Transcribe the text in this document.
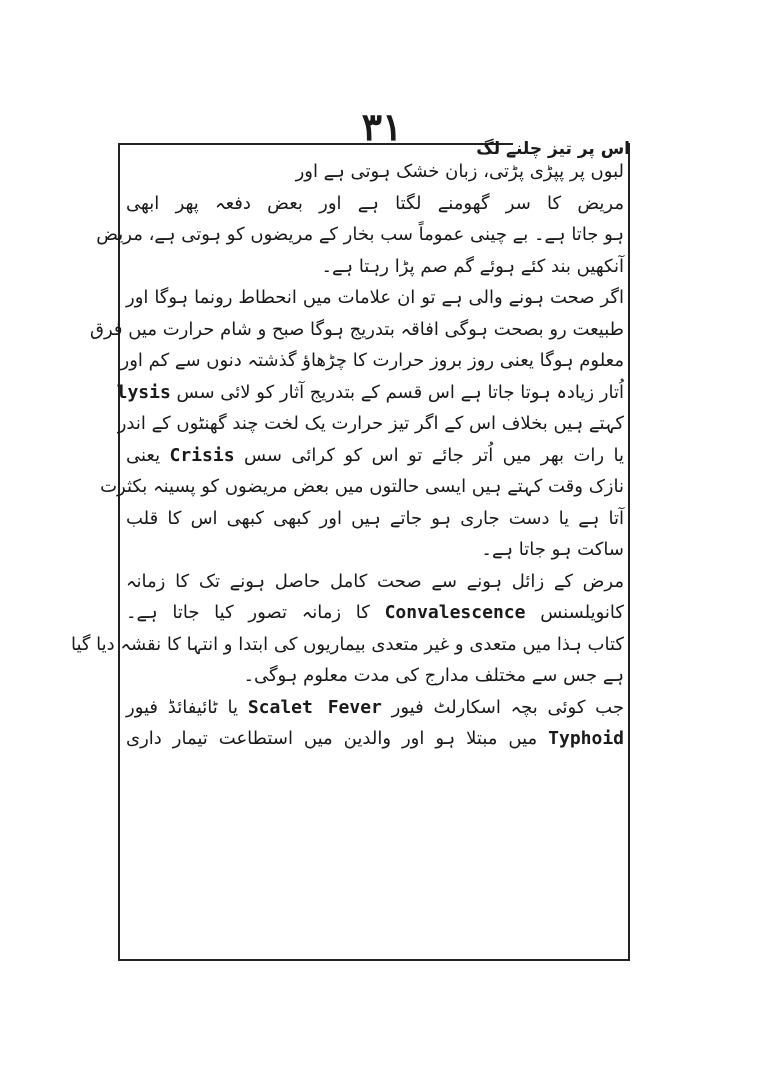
۳۱	اس پر تیز چلنے لگ
لبوں پر پپڑی پڑتی، زبان خشک ہوتی ہے اور
مریض کا سر گھومنے لگتا ہے اور بعض دفعہ پھر ابھی
ہو جاتا ہے۔ بے چینی عموماً سب بخار کے مریضوں کو ہوتی ہے، مریض
آنکھیں بند کئے ہوئے گم صم پڑا رہتا ہے۔
اگر صحت ہونے والی ہے تو ان علامات میں انحطاط رونما ہوگا اور
طبیعت رو بصحت ہوگی افاقہ بتدریج ہوگا صبح و شام حرارت میں فرق
معلوم ہوگا یعنی روز بروز حرارت کا چڑھاؤ گذشتہ دنوں سے کم اور
اُتار زیادہ ہوتا جاتا ہے اس قسم کے بتدریج آثار کو لائی سس lysis
کہتے ہیں بخلاف اس کے اگر تیز حرارت یک لخت چند گھنٹوں کے اندر
یا رات بھر میں اُتر جائے تو اس کو کرائی سس Crisis یعنی
نازک وقت کہتے ہیں ایسی حالتوں میں بعض مریضوں کو پسینہ بکثرت
آتا ہے یا دست جاری ہو جاتے ہیں اور کبھی کبھی اس کا قلب
ساکت ہو جاتا ہے۔
مرض کے زائل ہونے سے صحت کامل حاصل ہونے تک کا زمانہ
کانویلسنس Convalescence کا زمانہ تصور کیا جاتا ہے۔
کتاب ہذا میں متعدی و غیر متعدی بیماریوں کی ابتدا و انتہا کا نقشہ دیا گیا
ہے جس سے مختلف مدارج کی مدت معلوم ہوگی۔
جب کوئی بچہ اسکارلٹ فیور Scalet Fever یا ٹائیفائڈ فیور
Typhoid میں مبتلا ہو اور والدین میں استطاعت تیمار داری
